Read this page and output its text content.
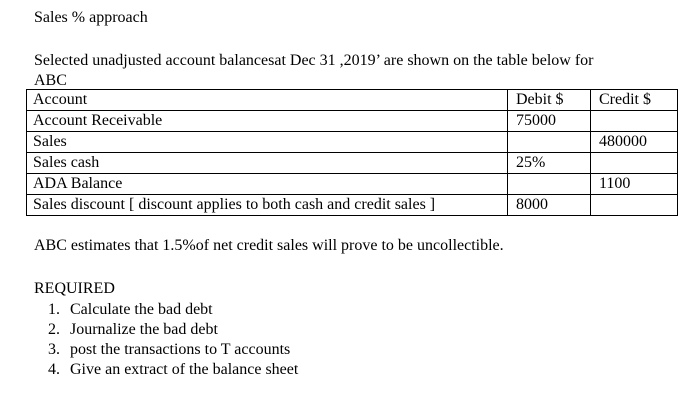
Sales % approach
Selected unadjusted account balancesat Dec 31 ,2019’ are shown on the table below for
ABC
Account	Debit $	Credit $
Account Receivable	75000	
Sales		480000
Sales cash	25%	
ADA Balance		1100
Sales discount [ discount applies to both cash and credit sales ]	8000	
ABC estimates that 1.5%of net credit sales will prove to be uncollectible.
REQUIRED
1. Calculate the bad debt
2. Journalize the bad debt
3. post the transactions to T accounts
4. Give an extract of the balance sheet
